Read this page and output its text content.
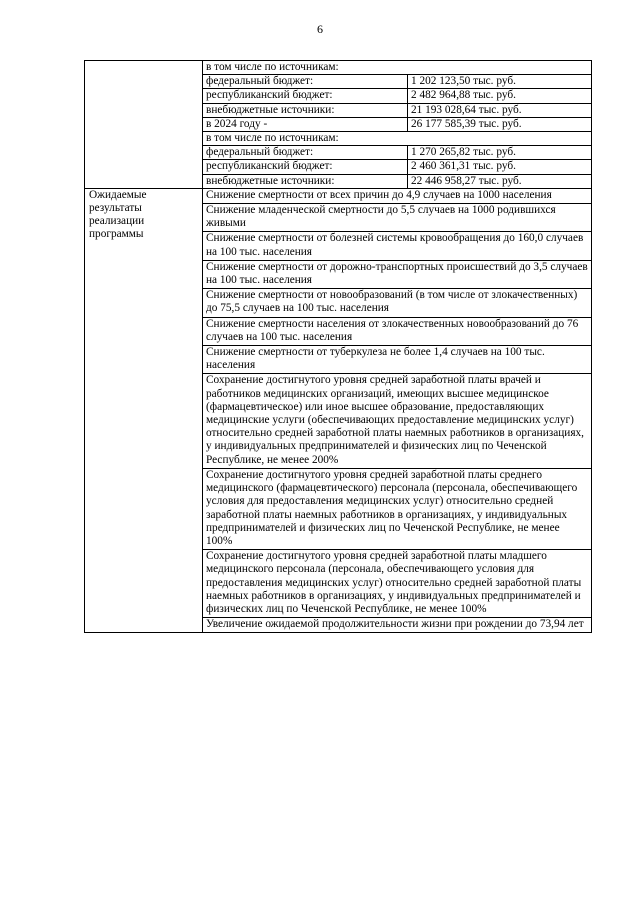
6
	в том числе по источникам:	
	федеральный бюджет:	1 202 123,50 тыс. руб.
	республиканский бюджет:	2 482 964,88 тыс. руб.
	внебюджетные источники:	21 193 028,64 тыс. руб.
	в 2024 году -	26 177 585,39 тыс. руб.
	в том числе по источникам:	
	федеральный бюджет:	1 270 265,82 тыс. руб.
	республиканский бюджет:	2 460 361,31 тыс. руб.
	внебюджетные источники:	22 446 958,27 тыс. руб.
Ожидаемые результаты реализации программы	Снижение смертности от всех причин до 4,9 случаев на 1000 населения	
	Снижение младенческой смертности до 5,5 случаев на 1000 родившихся живыми	
	Снижение смертности от болезней системы кровообращения до 160,0 случаев на 100 тыс. населения	
	Снижение смертности от дорожно-транспортных происшествий до 3,5 случаев на 100 тыс. населения	
	Снижение смертности от новообразований (в том числе от злокачественных) до 75,5 случаев на 100 тыс. населения	
	Снижение смертности населения от злокачественных новообразований до 76 случаев на 100 тыс. населения	
	Снижение смертности от туберкулеза не более 1,4 случаев на 100 тыс. населения	
	Сохранение достигнутого уровня средней заработной платы врачей и работников медицинских организаций, имеющих высшее медицинское (фармацевтическое) или иное высшее образование, предоставляющих медицинские услуги (обеспечивающих предоставление медицинских услуг) относительно средней заработной платы наемных работников в организациях, у индивидуальных предпринимателей и физических лиц по Чеченской Республике, не менее 200%	
	Сохранение достигнутого уровня средней заработной платы среднего медицинского (фармацевтического) персонала (персонала, обеспечивающего условия для предоставления медицинских услуг) относительно средней заработной платы наемных работников в организациях, у индивидуальных предпринимателей и физических лиц по Чеченской Республике, не менее 100%	
	Сохранение достигнутого уровня средней заработной платы младшего медицинского персонала (персонала, обеспечивающего условия для предоставления медицинских услуг) относительно средней заработной платы наемных работников в организациях, у индивидуальных предпринимателей и физических лиц по Чеченской Республике, не менее 100%	
	Увеличение ожидаемой продолжительности жизни при рождении до 73,94 лет	
